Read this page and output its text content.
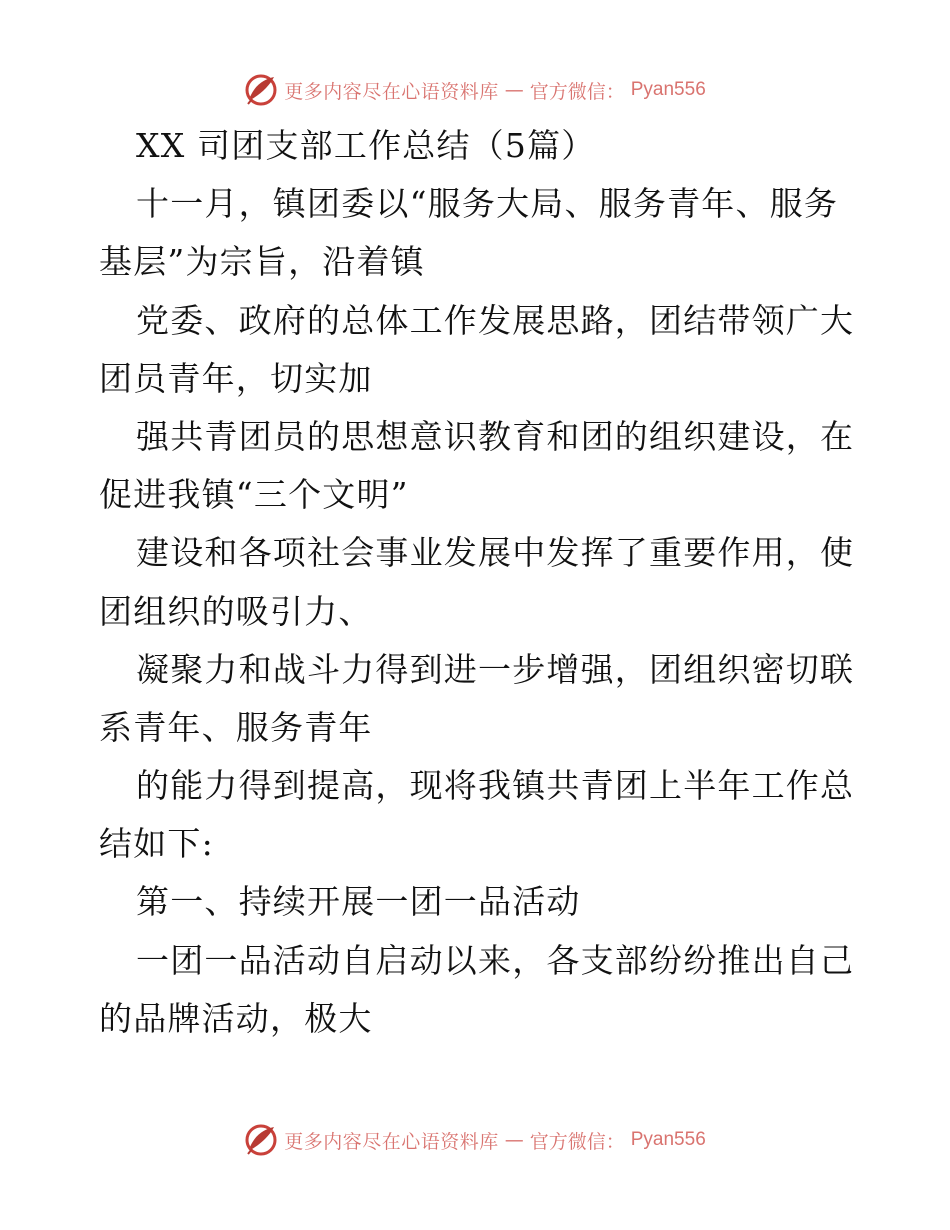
更多内容尽在心语资料库 — 官方微信： Pyan556
XX 司团支部工作总结（5篇）
十一月，镇团委以“服务大局、服务青年、服务
基层”为宗旨，沿着镇
党委、政府的总体工作发展思路，团结带领广大
团员青年，切实加
强共青团员的思想意识教育和团的组织建设，在
促进我镇“三个文明”
建设和各项社会事业发展中发挥了重要作用，使
团组织的吸引力、
凝聚力和战斗力得到进一步增强，团组织密切联
系青年、服务青年
的能力得到提高，现将我镇共青团上半年工作总
结如下:
第一、持续开展一团一品活动
一团一品活动自启动以来，各支部纷纷推出自己
的品牌活动，极大
更多内容尽在心语资料库 — 官方微信： Pyan556
